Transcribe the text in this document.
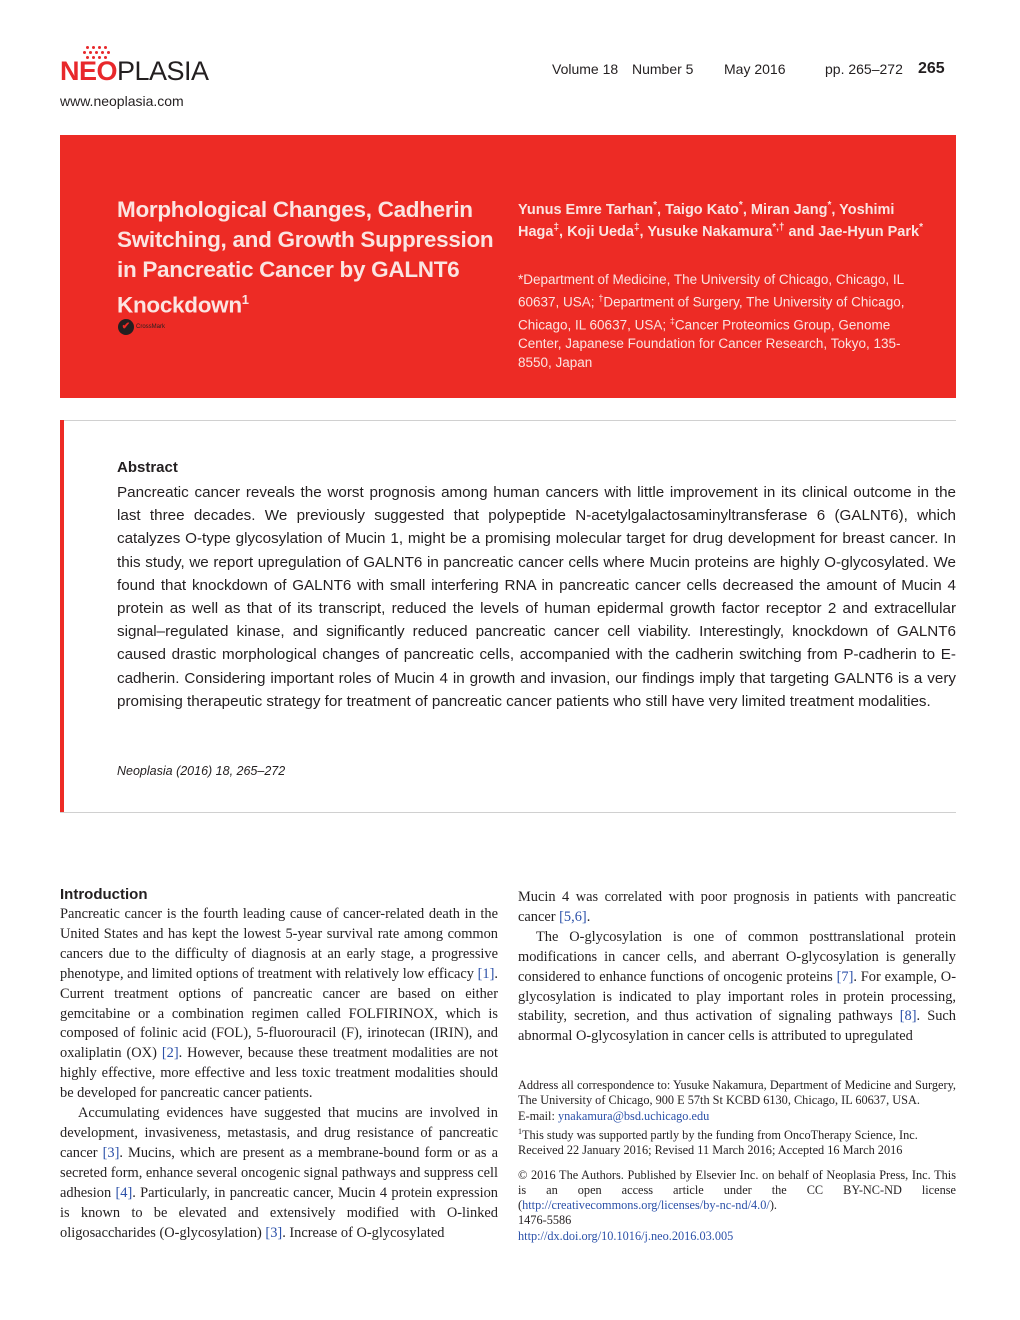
NEOPLASIA
www.neoplasia.com
Volume 18 Number 5 May 2016	pp. 265–272 265
Morphological Changes, Cadherin Switching, and Growth Suppression in Pancreatic Cancer by GALNT6 Knockdown$^1$
✔ CrossMark
Yunus Emre Tarhan*, Taigo Kato*, Miran Jang*, Yoshimi Haga‡, Koji Ueda‡, Yusuke Nakamura*,† and Jae-Hyun Park*
*Department of Medicine, The University of Chicago, Chicago, IL 60637, USA; †Department of Surgery, The University of Chicago, Chicago, IL 60637, USA; ‡Cancer Proteomics Group, Genome Center, Japanese Foundation for Cancer Research, Tokyo, 135-8550, Japan
Abstract
Pancreatic cancer reveals the worst prognosis among human cancers with little improvement in its clinical outcome in the last three decades. We previously suggested that polypeptide N-acetylgalactosaminyltransferase 6 (GALNT6), which catalyzes O-type glycosylation of Mucin 1, might be a promising molecular target for drug development for breast cancer. In this study, we report upregulation of GALNT6 in pancreatic cancer cells where Mucin proteins are highly O-glycosylated. We found that knockdown of GALNT6 with small interfering RNA in pancreatic cancer cells decreased the amount of Mucin 4 protein as well as that of its transcript, reduced the levels of human epidermal growth factor receptor 2 and extracellular signal–regulated kinase, and significantly reduced pancreatic cancer cell viability. Interestingly, knockdown of GALNT6 caused drastic morphological changes of pancreatic cells, accompanied with the cadherin switching from P-cadherin to E-cadherin. Considering important roles of Mucin 4 in growth and invasion, our findings imply that targeting GALNT6 is a very promising therapeutic strategy for treatment of pancreatic cancer patients who still have very limited treatment modalities.
Neoplasia (2016) 18, 265–272
Introduction

Pancreatic cancer is the fourth leading cause of cancer-related death in the United States and has kept the lowest 5-year survival rate among common cancers due to the difficulty of diagnosis at an early stage, a progressive phenotype, and limited options of treatment with relatively low efficacy [1]. Current treatment options of pancreatic cancer are based on either gemcitabine or a combination regimen called FOLFIRINOX, which is composed of folinic acid (FOL), 5-fluorouracil (F), irinotecan (IRIN), and oxaliplatin (OX) [2]. However, because these treatment modalities are not highly effective, more effective and less toxic treatment modalities should be developed for pancreatic cancer patients.

Accumulating evidences have suggested that mucins are involved in development, invasiveness, metastasis, and drug resistance of pancreatic cancer [3]. Mucins, which are present as a membrane-bound form or as a secreted form, enhance several oncogenic signal pathways and suppress cell adhesion [4]. Particularly, in pancreatic cancer, Mucin 4 protein expression is known to be elevated and extensively modified with O-linked oligosaccharides (O-glycosylation) [3]. Increase of O-glycosylated

Mucin 4 was correlated with poor prognosis in patients with pancreatic cancer [5,6].

The O-glycosylation is one of common posttranslational protein modifications in cancer cells, and aberrant O-glycosylation is generally considered to enhance functions of oncogenic proteins [7]. For example, O-glycosylation is indicated to play important roles in protein processing, stability, secretion, and thus activation of signaling pathways [8]. Such abnormal O-glycosylation in cancer cells is attributed to upregulated

Address all correspondence to: Yusuke Nakamura, Department of Medicine and Surgery, The University of Chicago, 900 E 57th St KCBD 6130, Chicago, IL 60637, USA.

E-mail: ynakamura@bsd.uchicago.edu

$^1$This study was supported partly by the funding from OncoTherapy Science, Inc.

Received 22 January 2016; Revised 11 March 2016; Accepted 16 March 2016

© 2016 The Authors. Published by Elsevier Inc. on behalf of Neoplasia Press, Inc. This is an open access article under the CC BY-NC-ND license (http://creativecommons.org/licenses/by-nc-nd/4.0/).

1476-5586

http://dx.doi.org/10.1016/j.neo.2016.03.005
